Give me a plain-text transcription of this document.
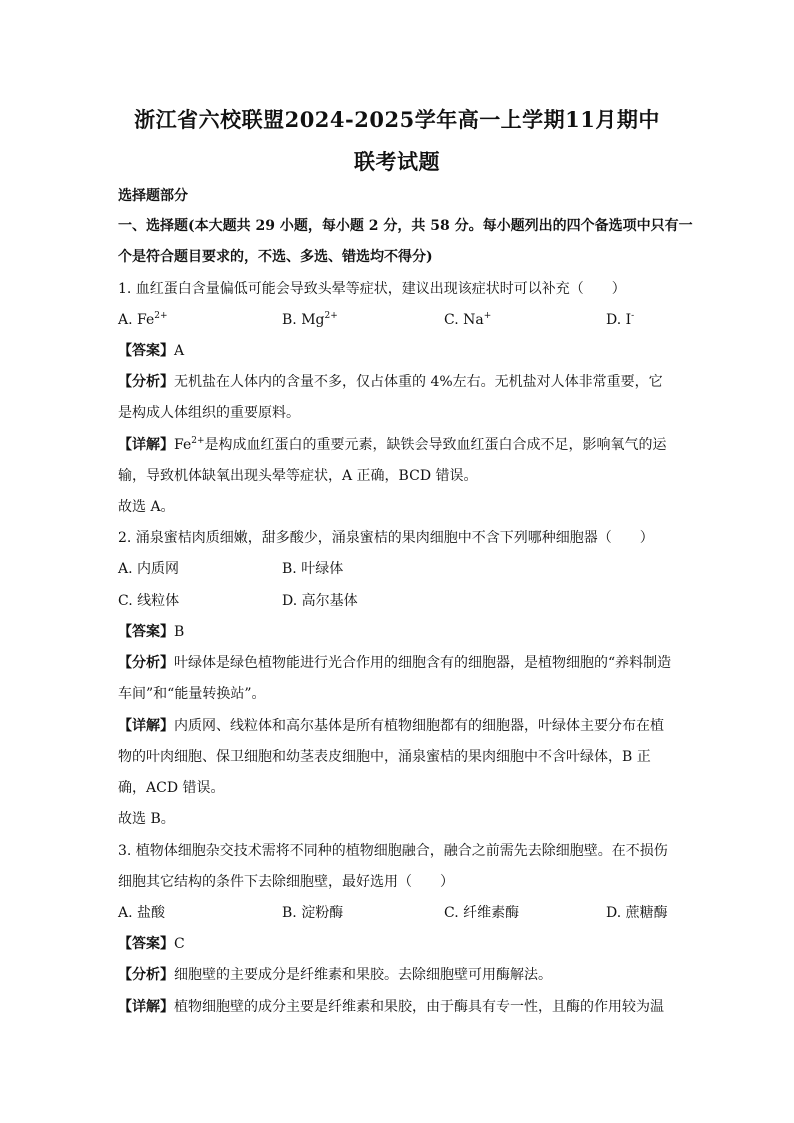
浙江省六校联盟2024-2025学年高一上学期11月期中
联考试题
选择题部分
一、选择题(本大题共 29 小题，每小题 2 分，共 58 分。每小题列出的四个备选项中只有一
个是符合题目要求的，不选、多选、错选均不得分)
1. 血红蛋白含量偏低可能会导致头晕等症状，建议出现该症状时可以补充（　　）
A. $Fe^{2+}$	B. $Mg^{2+}$	C. Na+	D. I-
【答案】A
【分析】无机盐在人体内的含量不多，仅占体重的 4%左右。无机盐对人体非常重要，它
是构成人体组织的重要原料。
【详解】$Fe^{2+}$是构成血红蛋白的重要元素，缺铁会导致血红蛋白合成不足，影响氧气的运
输，导致机体缺氧出现头晕等症状，A 正确，BCD 错误。
故选 A。
2. 涌泉蜜桔肉质细嫩，甜多酸少，涌泉蜜桔的果肉细胞中不含下列哪种细胞器（　　）
A. 内质网	B. 叶绿体
C. 线粒体	D. 高尔基体
【答案】B
【分析】叶绿体是绿色植物能进行光合作用的细胞含有的细胞器，是植物细胞的“养料制造
车间”和“能量转换站”。
【详解】内质网、线粒体和高尔基体是所有植物细胞都有的细胞器，叶绿体主要分布在植
物的叶肉细胞、保卫细胞和幼茎表皮细胞中，涌泉蜜桔的果肉细胞中不含叶绿体，B 正
确，ACD 错误。
故选 B。
3. 植物体细胞杂交技术需将不同种的植物细胞融合，融合之前需先去除细胞壁。在不损伤
细胞其它结构的条件下去除细胞壁，最好选用（　　）
A. 盐酸	B. 淀粉酶	C. 纤维素酶	D. 蔗糖酶
【答案】C
【分析】细胞壁的主要成分是纤维素和果胶。去除细胞壁可用酶解法。
【详解】植物细胞壁的成分主要是纤维素和果胶，由于酶具有专一性，且酶的作用较为温
